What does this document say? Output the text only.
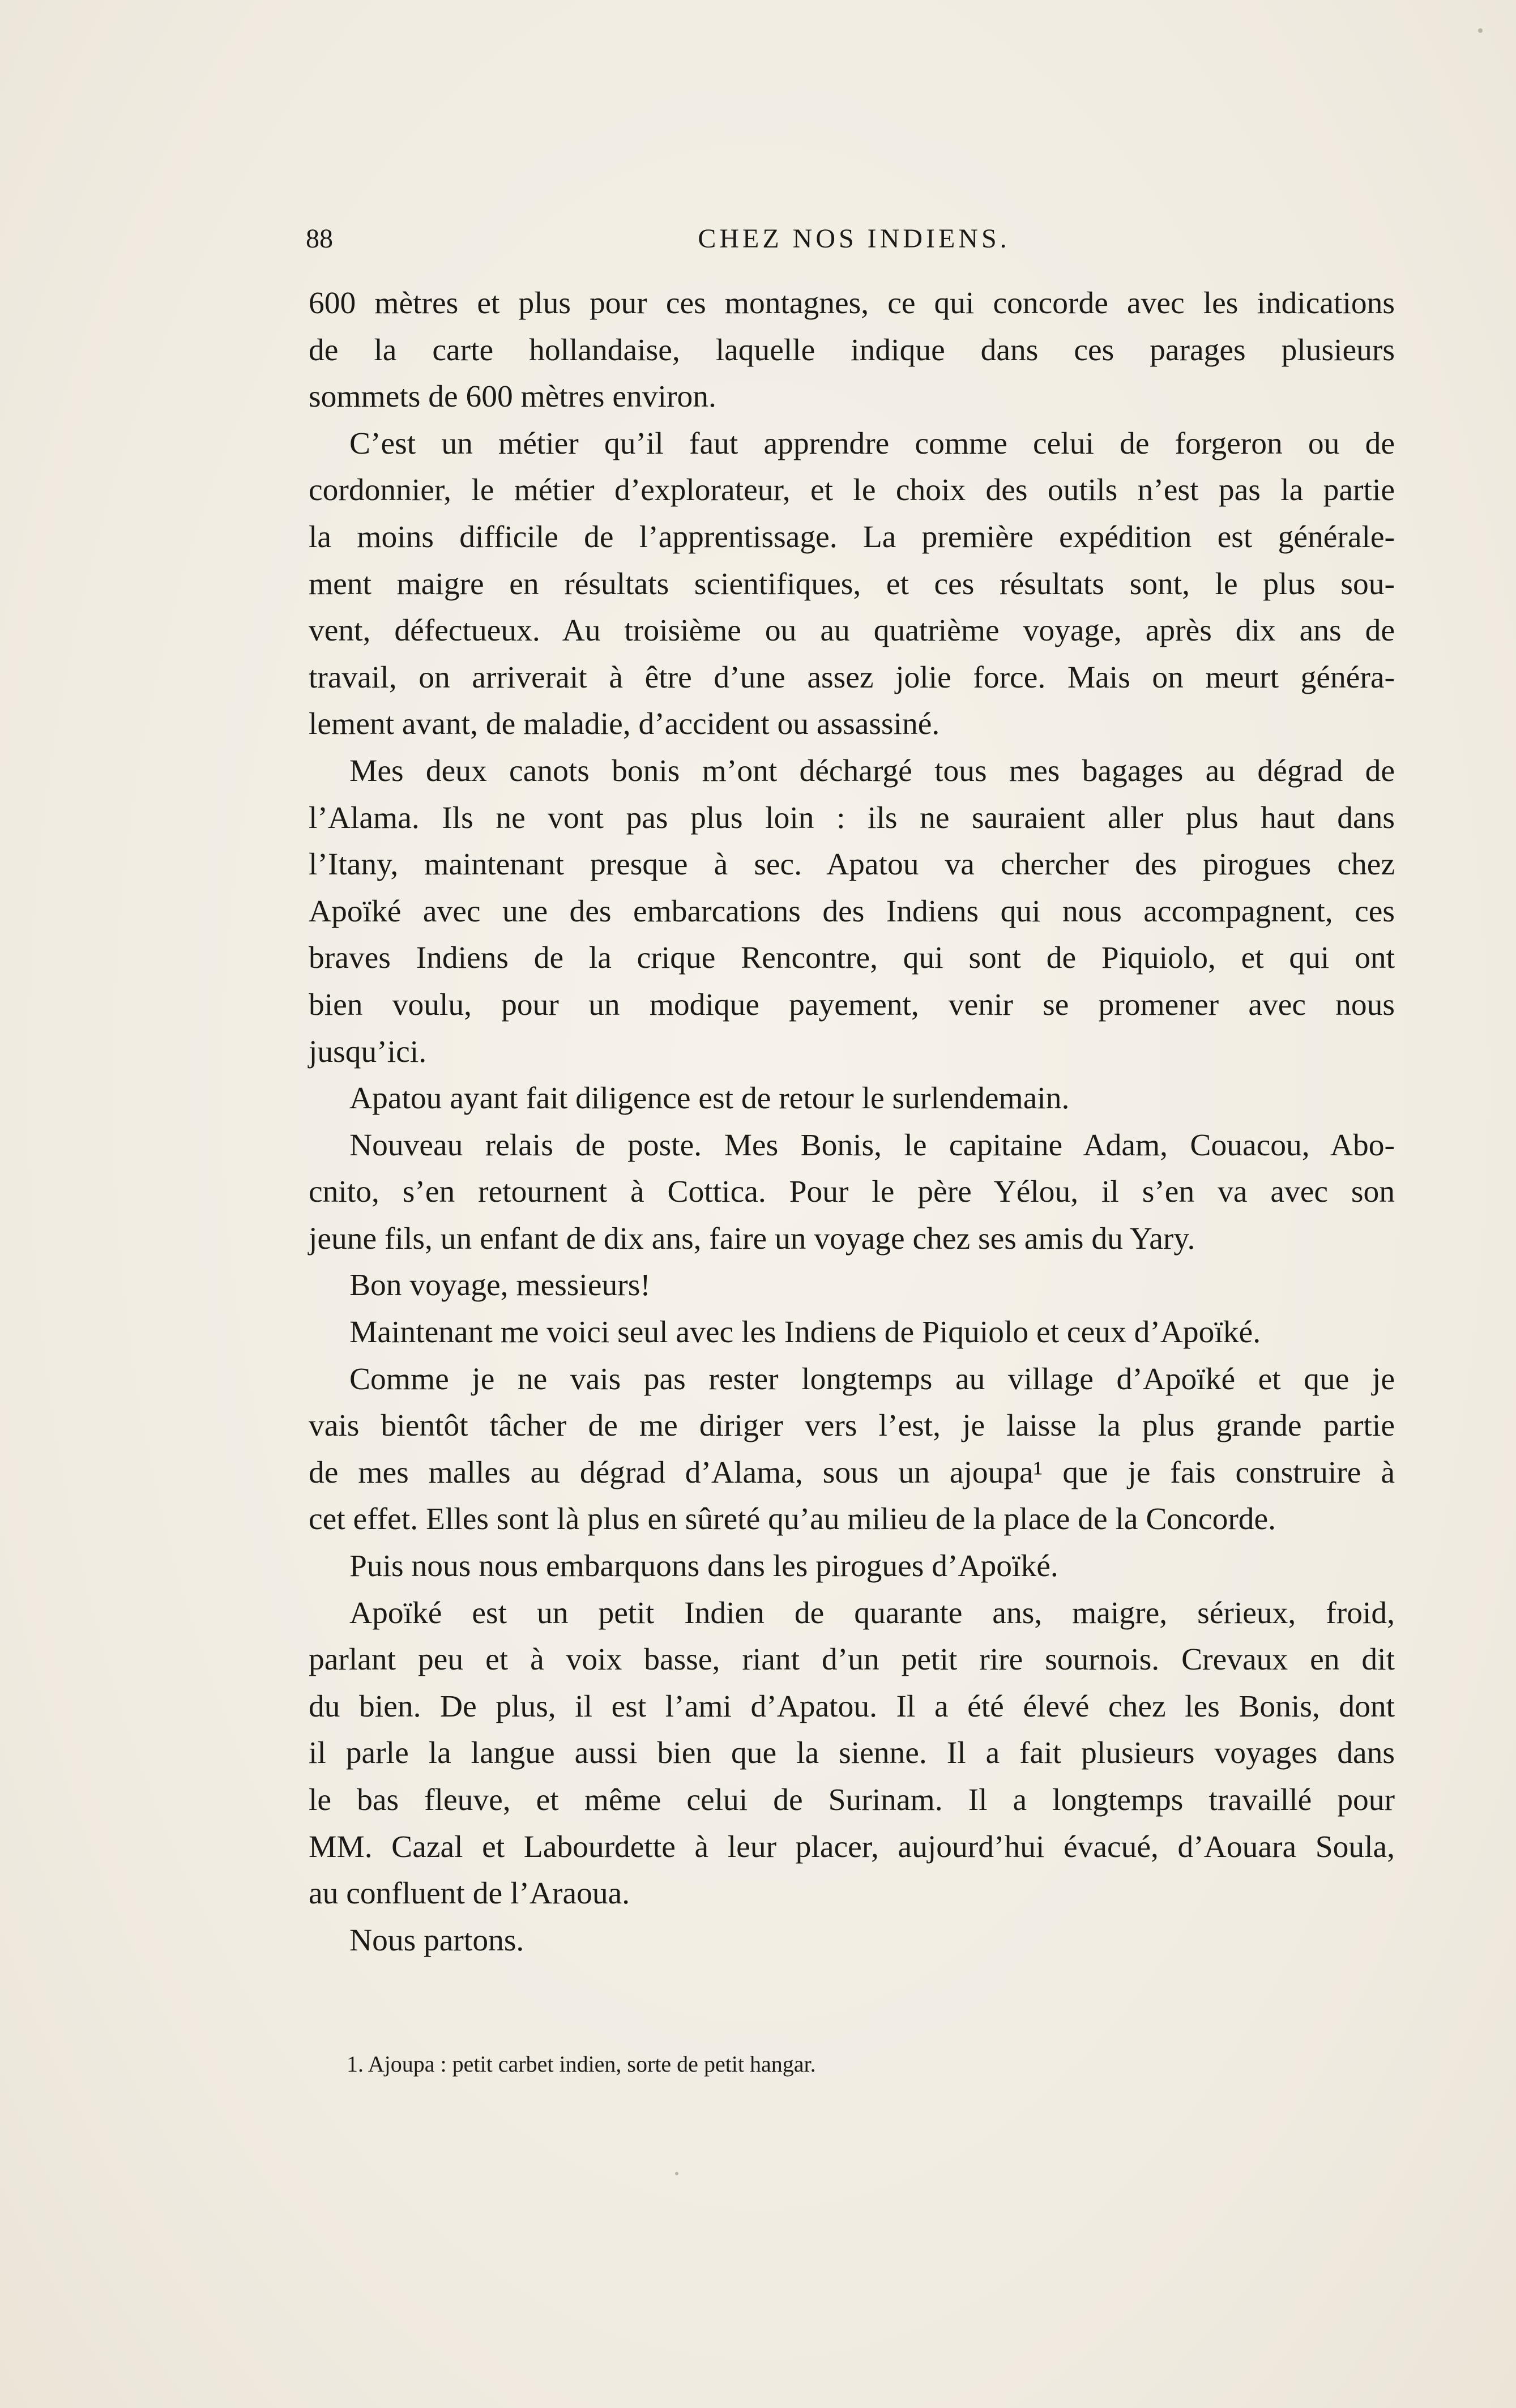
88	CHEZ NOS INDIENS.
600 mètres et plus pour ces montagnes, ce qui concorde avec les indications
de la carte hollandaise, laquelle indique dans ces parages plusieurs
sommets de 600 mètres environ.
C’est un métier qu’il faut apprendre comme celui de forgeron ou de
cordonnier, le métier d’explorateur, et le choix des outils n’est pas la partie
la moins difficile de l’apprentissage. La première expédition est générale-
ment maigre en résultats scientifiques, et ces résultats sont, le plus sou-
vent, défectueux. Au troisième ou au quatrième voyage, après dix ans de
travail, on arriverait à être d’une assez jolie force. Mais on meurt généra-
lement avant, de maladie, d’accident ou assassiné.
Mes deux canots bonis m’ont déchargé tous mes bagages au dégrad de
l’Alama. Ils ne vont pas plus loin : ils ne sauraient aller plus haut dans
l’Itany, maintenant presque à sec. Apatou va chercher des pirogues chez
Apoïké avec une des embarcations des Indiens qui nous accompagnent, ces
braves Indiens de la crique Rencontre, qui sont de Piquiolo, et qui ont
bien voulu, pour un modique payement, venir se promener avec nous
jusqu’ici.
Apatou ayant fait diligence est de retour le surlendemain.
Nouveau relais de poste. Mes Bonis, le capitaine Adam, Couacou, Abo-
cnito, s’en retournent à Cottica. Pour le père Yélou, il s’en va avec son
jeune fils, un enfant de dix ans, faire un voyage chez ses amis du Yary.
Bon voyage, messieurs!
Maintenant me voici seul avec les Indiens de Piquiolo et ceux d’Apoïké.
Comme je ne vais pas rester longtemps au village d’Apoïké et que je
vais bientôt tâcher de me diriger vers l’est, je laisse la plus grande partie
de mes malles au dégrad d’Alama, sous un ajoupa¹ que je fais construire à
cet effet. Elles sont là plus en sûreté qu’au milieu de la place de la Concorde.
Puis nous nous embarquons dans les pirogues d’Apoïké.
Apoïké est un petit Indien de quarante ans, maigre, sérieux, froid,
parlant peu et à voix basse, riant d’un petit rire sournois. Crevaux en dit
du bien. De plus, il est l’ami d’Apatou. Il a été élevé chez les Bonis, dont
il parle la langue aussi bien que la sienne. Il a fait plusieurs voyages dans
le bas fleuve, et même celui de Surinam. Il a longtemps travaillé pour
MM. Cazal et Labourdette à leur placer, aujourd’hui évacué, d’Aouara Soula,
au confluent de l’Araoua.
Nous partons.
1. Ajoupa : petit carbet indien, sorte de petit hangar.
